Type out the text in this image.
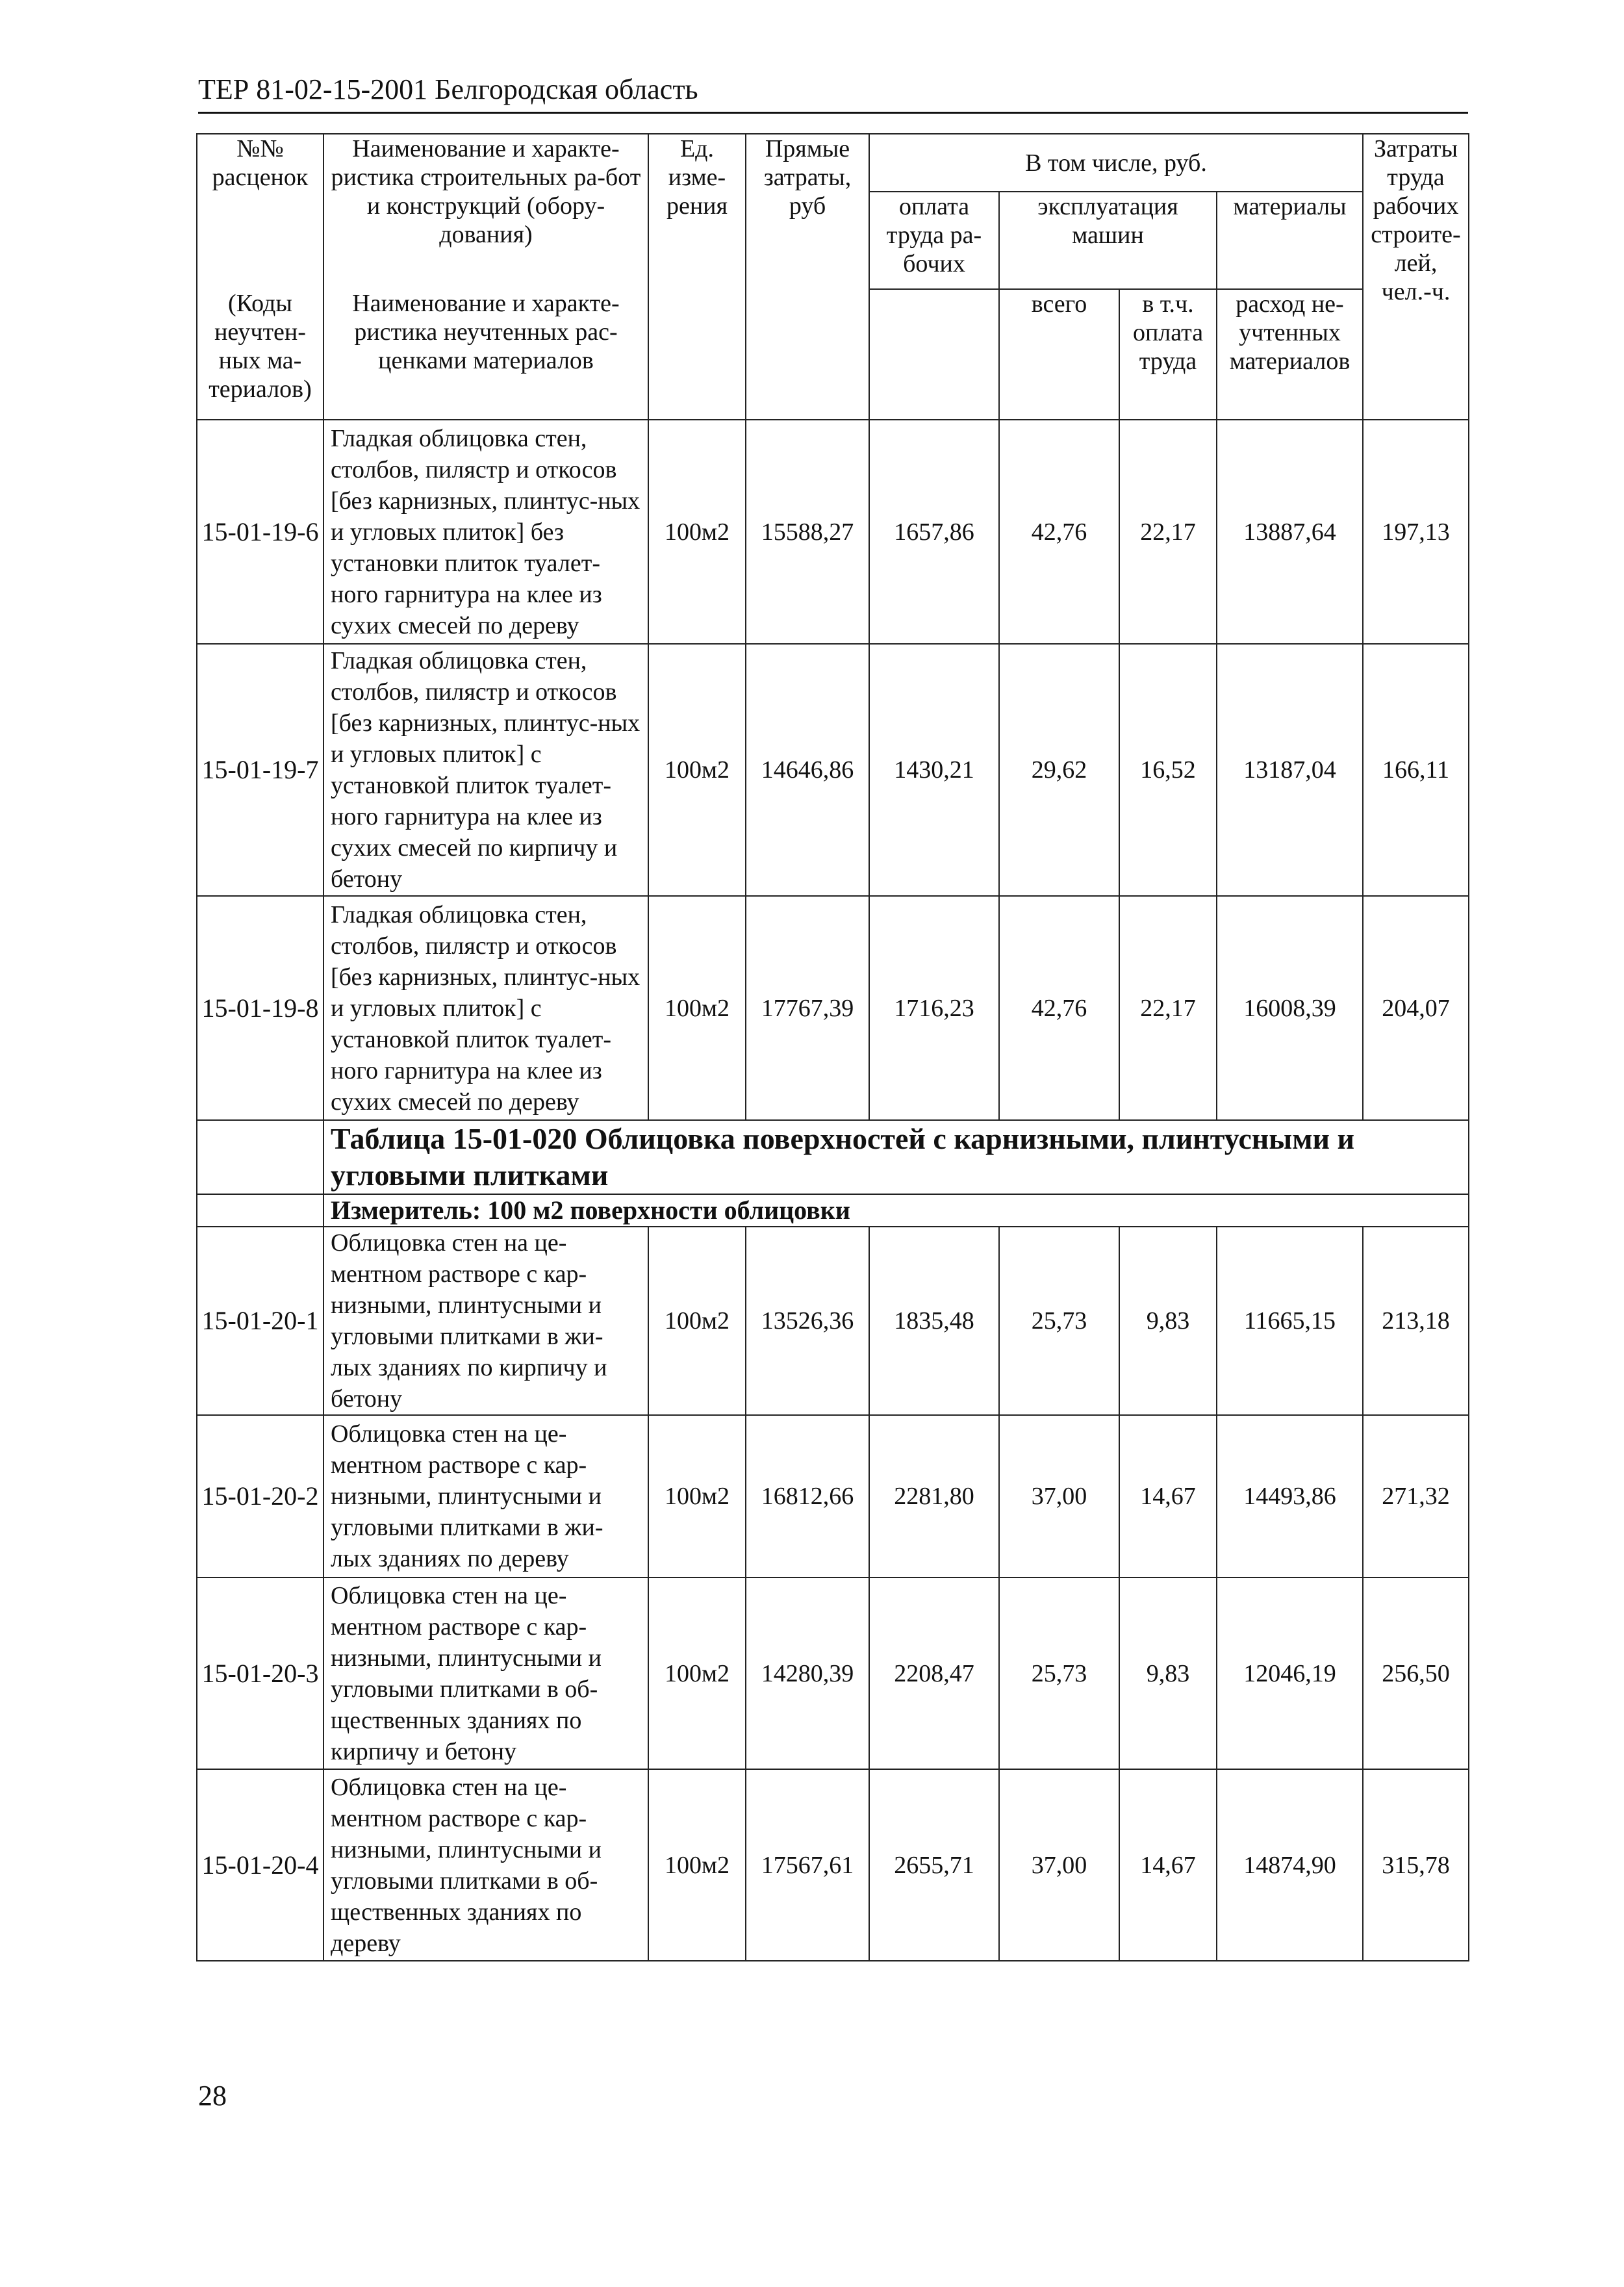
ТЕР 81-02-15-2001 Белгородская область
№№
расценок	Наименование и характе-ристика строительных ра-бот и конструкций (обору-дования)	Ед. изме-рения	Прямые затраты, руб	В том числе, руб.				Затраты труда рабочих строите-лей, чел.-ч.
				оплата труда ра-бочих	эксплуатация машин		материалы	
(Коды неучтен-ных ма-териалов)	Наименование и характе-ристика неучтенных рас-ценками материалов				всего	в т.ч. оплата труда	расход не-учтенных материалов	

15-01-19-6	Гладкая облицовка стен, столбов, пилястр и откосов [без карнизных, плинтус-ных и угловых плиток] без установки плиток туалет-ного гарнитура на клее из сухих смесей по дереву	100м2	15588,27	1657,86	42,76	22,17	13887,64	197,13
15-01-19-7	Гладкая облицовка стен, столбов, пилястр и откосов [без карнизных, плинтус-ных и угловых плиток] с установкой плиток туалет-ного гарнитура на клее из сухих смесей по кирпичу и бетону	100м2	14646,86	1430,21	29,62	16,52	13187,04	166,11
15-01-19-8	Гладкая облицовка стен, столбов, пилястр и откосов [без карнизных, плинтус-ных и угловых плиток] с установкой плиток туалет-ного гарнитура на клее из сухих смесей по дереву	100м2	17767,39	1716,23	42,76	22,17	16008,39	204,07
	Таблица 15-01-020 Облицовка поверхностей с карнизными, плинтусными и угловыми плитками							
	Измеритель: 100 м2 поверхности облицовки							
15-01-20-1	Облицовка стен на це-ментном растворе с кар-низными, плинтусными и угловыми плитками в жи-лых зданиях по кирпичу и бетону	100м2	13526,36	1835,48	25,73	9,83	11665,15	213,18
15-01-20-2	Облицовка стен на це-ментном растворе с кар-низными, плинтусными и угловыми плитками в жи-лых зданиях по дереву	100м2	16812,66	2281,80	37,00	14,67	14493,86	271,32
15-01-20-3	Облицовка стен на це-ментном растворе с кар-низными, плинтусными и угловыми плитками в об-щественных зданиях по кирпичу и бетону	100м2	14280,39	2208,47	25,73	9,83	12046,19	256,50
15-01-20-4	Облицовка стен на це-ментном растворе с кар-низными, плинтусными и угловыми плитками в об-щественных зданиях по дереву	100м2	17567,61	2655,71	37,00	14,67	14874,90	315,78
28
